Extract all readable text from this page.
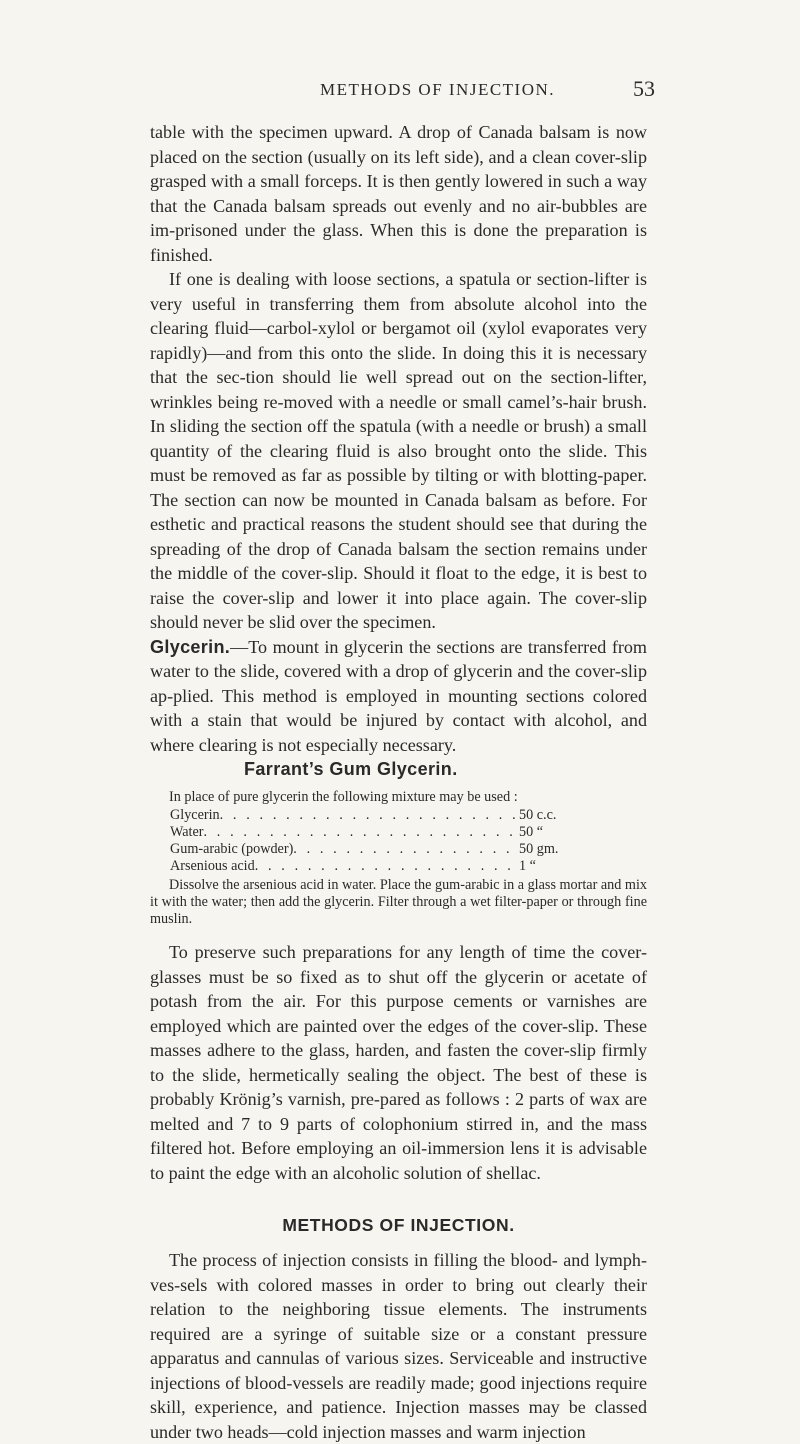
METHODS OF INJECTION.	53

table with the specimen upward. A drop of Canada balsam is now placed on the section (usually on its left side), and a clean cover-slip grasped with a small forceps. It is then gently lowered in such a way that the Canada balsam spreads out evenly and no air-bubbles are im-prisoned under the glass. When this is done the preparation is finished.

If one is dealing with loose sections, a spatula or section-lifter is very useful in transferring them from absolute alcohol into the clearing fluid—carbol-xylol or bergamot oil (xylol evaporates very rapidly)—and from this onto the slide. In doing this it is necessary that the sec-tion should lie well spread out on the section-lifter, wrinkles being re-moved with a needle or small camel’s-hair brush. In sliding the section off the spatula (with a needle or brush) a small quantity of the clearing fluid is also brought onto the slide. This must be removed as far as possible by tilting or with blotting-paper. The section can now be mounted in Canada balsam as before. For esthetic and practical reasons the student should see that during the spreading of the drop of Canada balsam the section remains under the middle of the cover-slip. Should it float to the edge, it is best to raise the cover-slip and lower it into place again. The cover-slip should never be slid over the specimen.

Glycerin.—To mount in glycerin the sections are transferred from water to the slide, covered with a drop of glycerin and the cover-slip ap-plied. This method is employed in mounting sections colored with a stain that would be injured by contact with alcohol, and where clearing is not especially necessary.

Farrant’s Gum Glycerin.

In place of pure glycerin the following mixture may be used :

Glycerin . . .	50 c.c.
Water . . .	50 “
Gum-arabic (powder) . . .	50 gm.
Arsenious acid . . .	1 “

Dissolve the arsenious acid in water. Place the gum-arabic in a glass mortar and mix it with the water; then add the glycerin. Filter through a wet filter-paper or through fine muslin.

To preserve such preparations for any length of time the cover-glasses must be so fixed as to shut off the glycerin or acetate of potash from the air. For this purpose cements or varnishes are employed which are painted over the edges of the cover-slip. These masses adhere to the glass, harden, and fasten the cover-slip firmly to the slide, hermetically sealing the object. The best of these is probably Krönig’s varnish, pre-pared as follows : 2 parts of wax are melted and 7 to 9 parts of colophonium stirred in, and the mass filtered hot. Before employing an oil-immersion lens it is advisable to paint the edge with an alcoholic solution of shellac.

METHODS OF INJECTION.

The process of injection consists in filling the blood- and lymph-ves-sels with colored masses in order to bring out clearly their relation to the neighboring tissue elements. The instruments required are a syringe of suitable size or a constant pressure apparatus and cannulas of various sizes. Serviceable and instructive injections of blood-vessels are readily made; good injections require skill, experience, and patience. Injection masses may be classed under two heads—cold injection masses and warm injection
